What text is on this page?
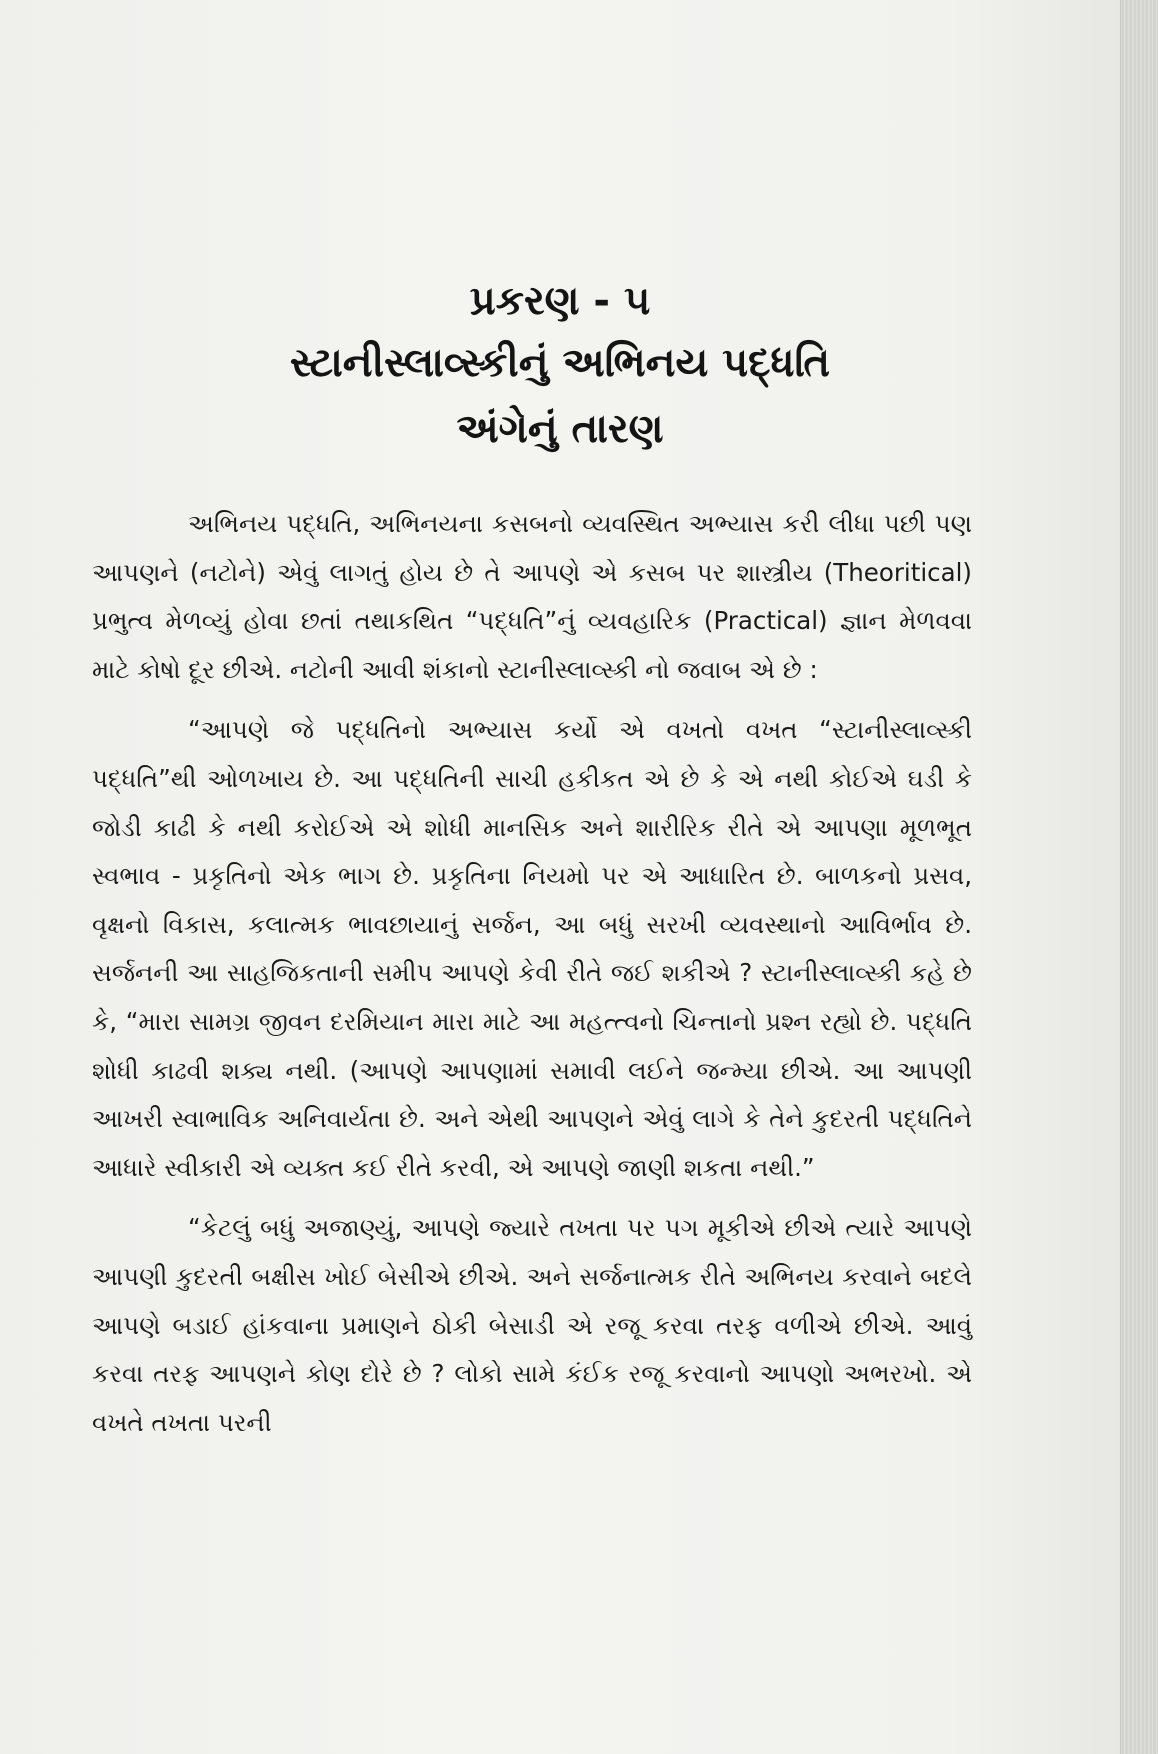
પ્રકરણ - ૫
સ્ટાનીસ્લાવ્સ્કીનું અભિનય પદ્ધતિ
અંગેનું તારણ

અભિનય પદ્ધતિ, અભિનયના કસબનો વ્યવસ્થિત અભ્યાસ કરી લીધા પછી પણ આપણને (નટોને) એવું લાગતું હોય છે તે આપણે એ કસબ પર શાસ્ત્રીય (Theoritical) પ્રભુત્વ મેળવ્યું હોવા છતાં તથાકથિત “પદ્ધતિ”નું વ્યવહારિક (Practical) જ્ઞાન મેળવવા માટે કોષો દૂર છીએ. નટોની આવી શંકાનો સ્ટાનીસ્લાવ્સ્કી નો જવાબ એ છે :

“આપણે જે પદ્ધતિનો અભ્યાસ કર્યો એ વખતો વખત “સ્ટાનીસ્લાવ્સ્કી પદ્ધતિ”થી ઓળખાય છે. આ પદ્ધતિની સાચી હકીકત એ છે કે એ નથી કોઈએ ઘડી કે જોડી કાઢી કે નથી કરોઈએ એ શોધી માનસિક અને શારીરિક રીતે એ આપણા મૂળભૂત સ્વભાવ - પ્રકૃતિનો એક ભાગ છે. પ્રકૃતિના નિયમો પર એ આધારિત છે. બાળકનો પ્રસવ, વૃક્ષનો વિકાસ, કલાત્મક ભાવછાયાનું સર્જન, આ બધું સરખી વ્યવસ્થાનો આવિર્ભાવ છે. સર્જનની આ સાહજિકતાની સમીપ આપણે કેવી રીતે જઈ શકીએ ? સ્ટાનીસ્લાવ્સ્કી કહે છે કે, “મારા સામગ્ર જીવન દરમિયાન મારા માટે આ મહત્ત્વનો ચિન્તાનો પ્રશ્ન રહ્યો છે. પદ્ધતિ શોધી કાઢવી શક્ય નથી. (આપણે આપણામાં સમાવી લઈને જન્મ્યા છીએ. આ આપણી આખરી સ્વાભાવિક અનિવાર્યતા છે. અને એથી આપણને એવું લાગે કે તેને કુદરતી પદ્ધતિને આધારે સ્વીકારી એ વ્યક્ત કઈ રીતે કરવી, એ આપણે જાણી શકતા નથી.”

“કેટલું બધું અજાણ્યું, આપણે જ્યારે તખતા પર પગ મૂકીએ છીએ ત્યારે આપણે આપણી કુદરતી બક્ષીસ ખોઈ બેસીએ છીએ. અને સર્જનાત્મક રીતે અભિનય કરવાને બદલે આપણે બડાઈ હાંકવાના પ્રમાણને ઠોકી બેસાડી એ રજૂ કરવા તરફ વળીએ છીએ. આવું કરવા તરફ આપણને કોણ દોરે છે ? લોકો સામે કંઈક રજૂ કરવાનો આપણો અભરખો. એ વખતે તખતા પરની
